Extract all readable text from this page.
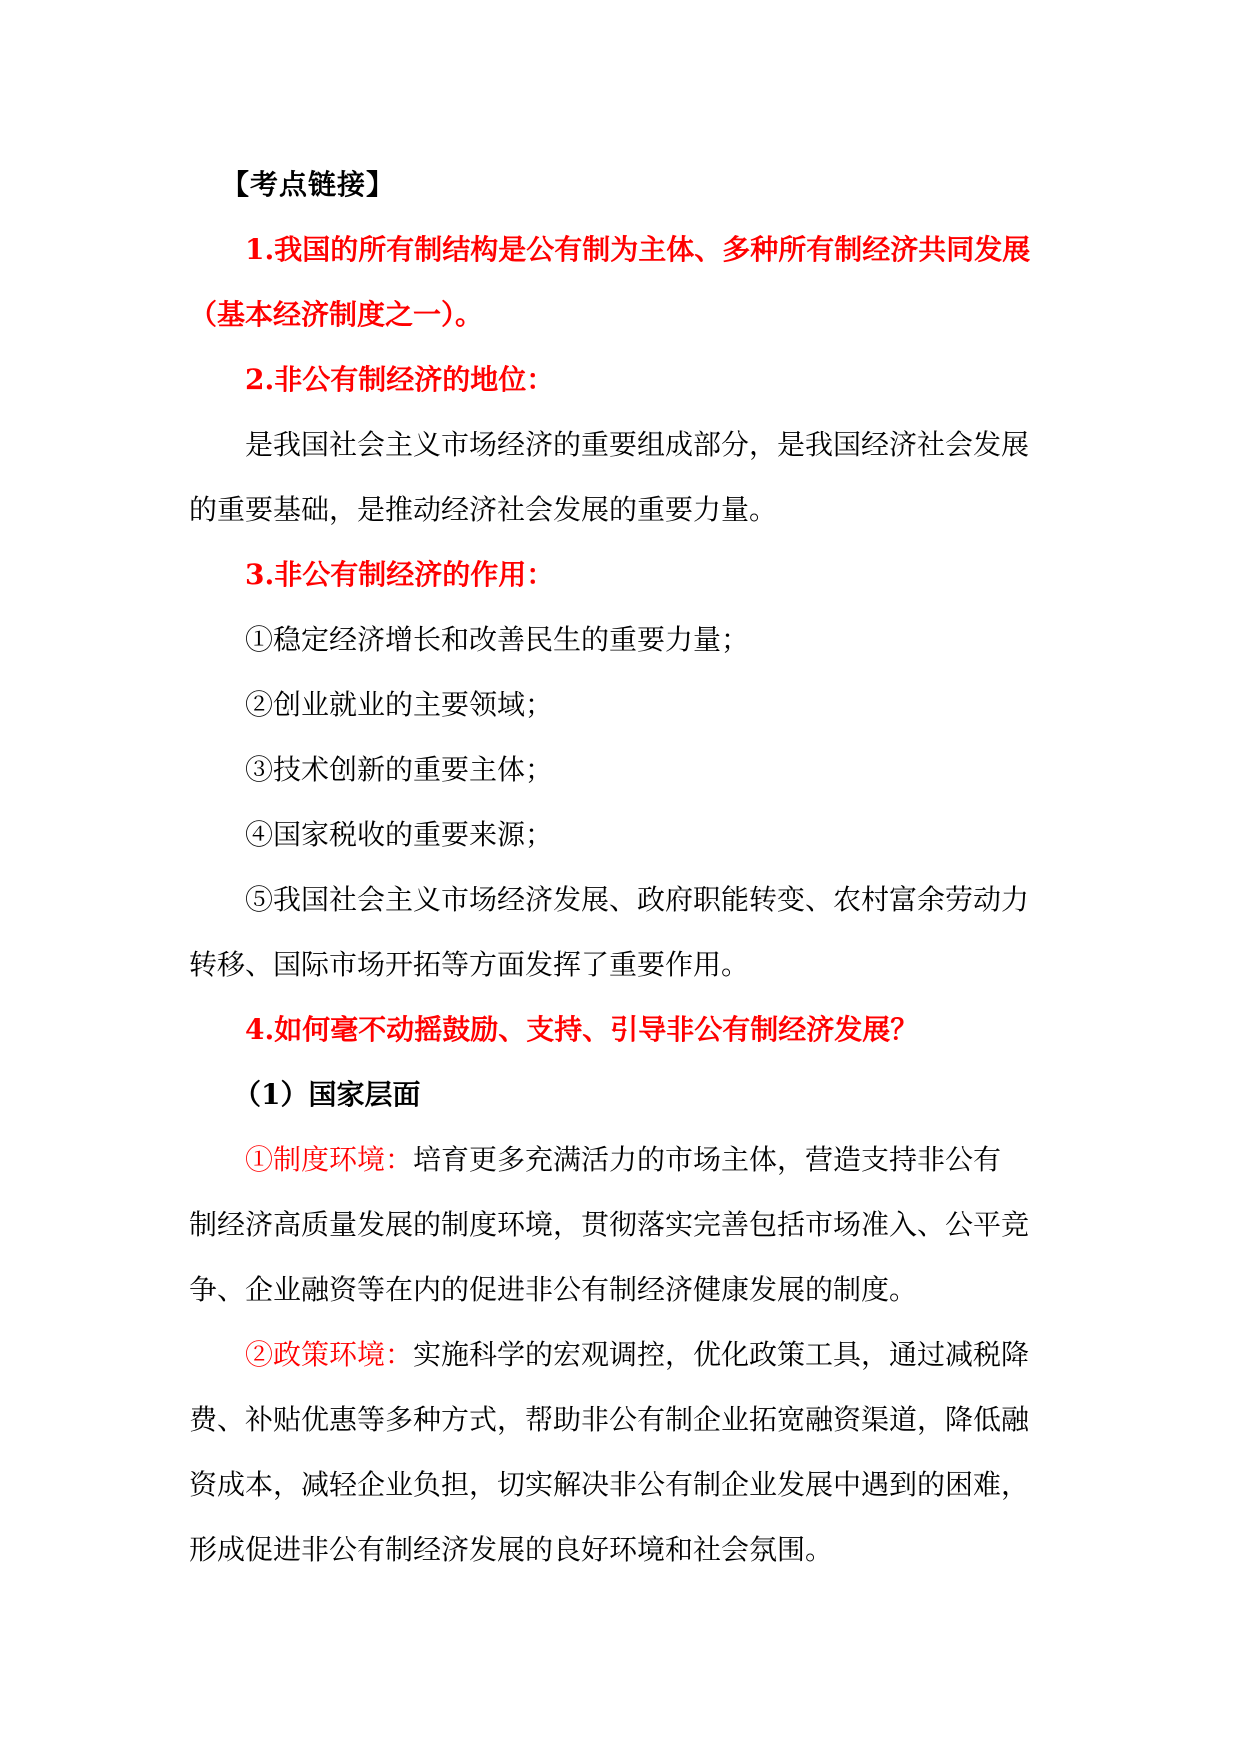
【考点链接】
1.我国的所有制结构是公有制为主体、多种所有制经济共同发展
（基本经济制度之一）。
2.非公有制经济的地位：
是我国社会主义市场经济的重要组成部分，是我国经济社会发展
的重要基础，是推动经济社会发展的重要力量。
3.非公有制经济的作用：
①稳定经济增长和改善民生的重要力量；
②创业就业的主要领域；
③技术创新的重要主体；
④国家税收的重要来源；
⑤我国社会主义市场经济发展、政府职能转变、农村富余劳动力
转移、国际市场开拓等方面发挥了重要作用。
4.如何毫不动摇鼓励、支持、引导非公有制经济发展？
（1）国家层面
①制度环境：培育更多充满活力的市场主体，营造支持非公有
制经济高质量发展的制度环境，贯彻落实完善包括市场准入、公平竞
争、企业融资等在内的促进非公有制经济健康发展的制度。
②政策环境：实施科学的宏观调控，优化政策工具，通过减税降
费、补贴优惠等多种方式，帮助非公有制企业拓宽融资渠道，降低融
资成本，减轻企业负担，切实解决非公有制企业发展中遇到的困难，
形成促进非公有制经济发展的良好环境和社会氛围。
